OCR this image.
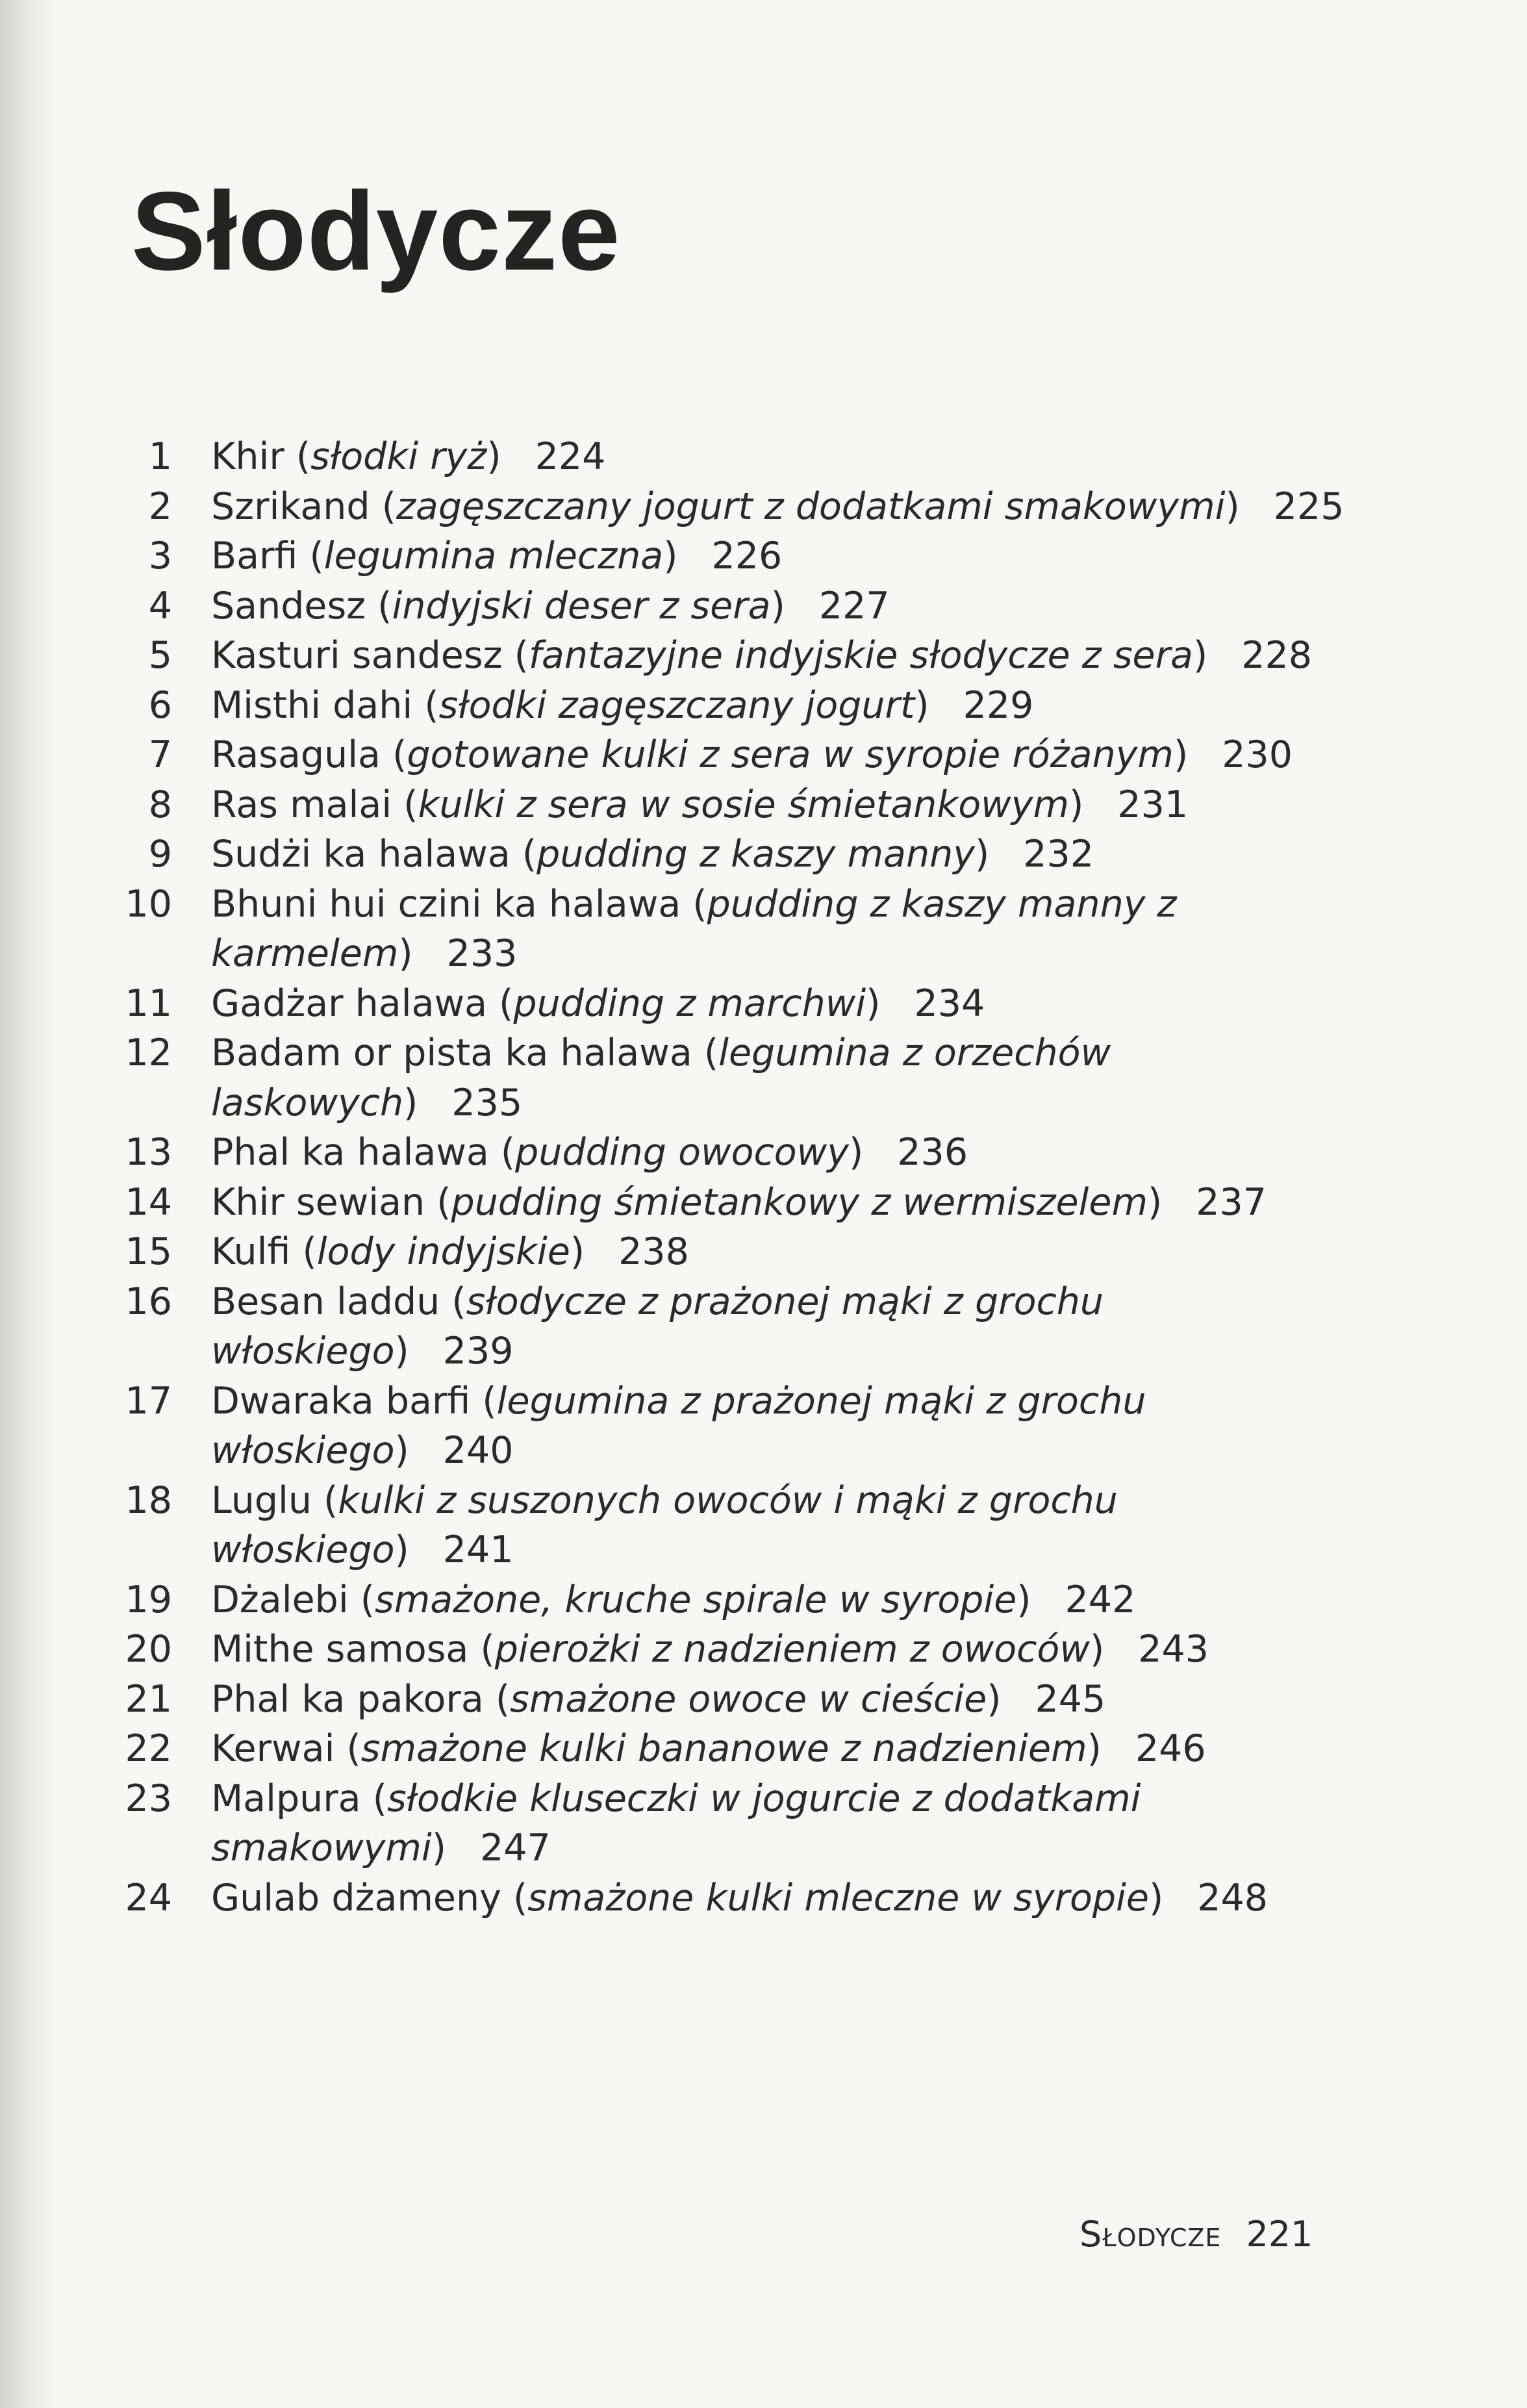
Słodycze
1 Khir (słodki ryż) 224
2 Szrikand (zagęszczany jogurt z dodatkami smakowymi) 225
3 Barfi (legumina mleczna) 226
4 Sandesz (indyjski deser z sera) 227
5 Kasturi sandesz (fantazyjne indyjskie słodycze z sera) 228
6 Misthi dahi (słodki zagęszczany jogurt) 229
7 Rasagula (gotowane kulki z sera w syropie różanym) 230
8 Ras malai (kulki z sera w sosie śmietankowym) 231
9 Sudżi ka halawa (pudding z kaszy manny) 232
10 Bhuni hui czini ka halawa (pudding z kaszy manny z karmelem) 233
11 Gadżar halawa (pudding z marchwi) 234
12 Badam or pista ka halawa (legumina z orzechów laskowych) 235
13 Phal ka halawa (pudding owocowy) 236
14 Khir sewian (pudding śmietankowy z wermiszelem) 237
15 Kulfi (lody indyjskie) 238
16 Besan laddu (słodycze z prażonej mąki z grochu włoskiego) 239
17 Dwaraka barfi (legumina z prażonej mąki z grochu włoskiego) 240
18 Luglu (kulki z suszonych owoców i mąki z grochu włoskiego) 241
19 Dżalebi (smażone, kruche spirale w syropie) 242
20 Mithe samosa (pierożki z nadzieniem z owoców) 243
21 Phal ka pakora (smażone owoce w cieście) 245
22 Kerwai (smażone kulki bananowe z nadzieniem) 246
23 Malpura (słodkie kluseczki w jogurcie z dodatkami smakowymi) 247
24 Gulab dżameny (smażone kulki mleczne w syropie) 248
Słodycze 221
